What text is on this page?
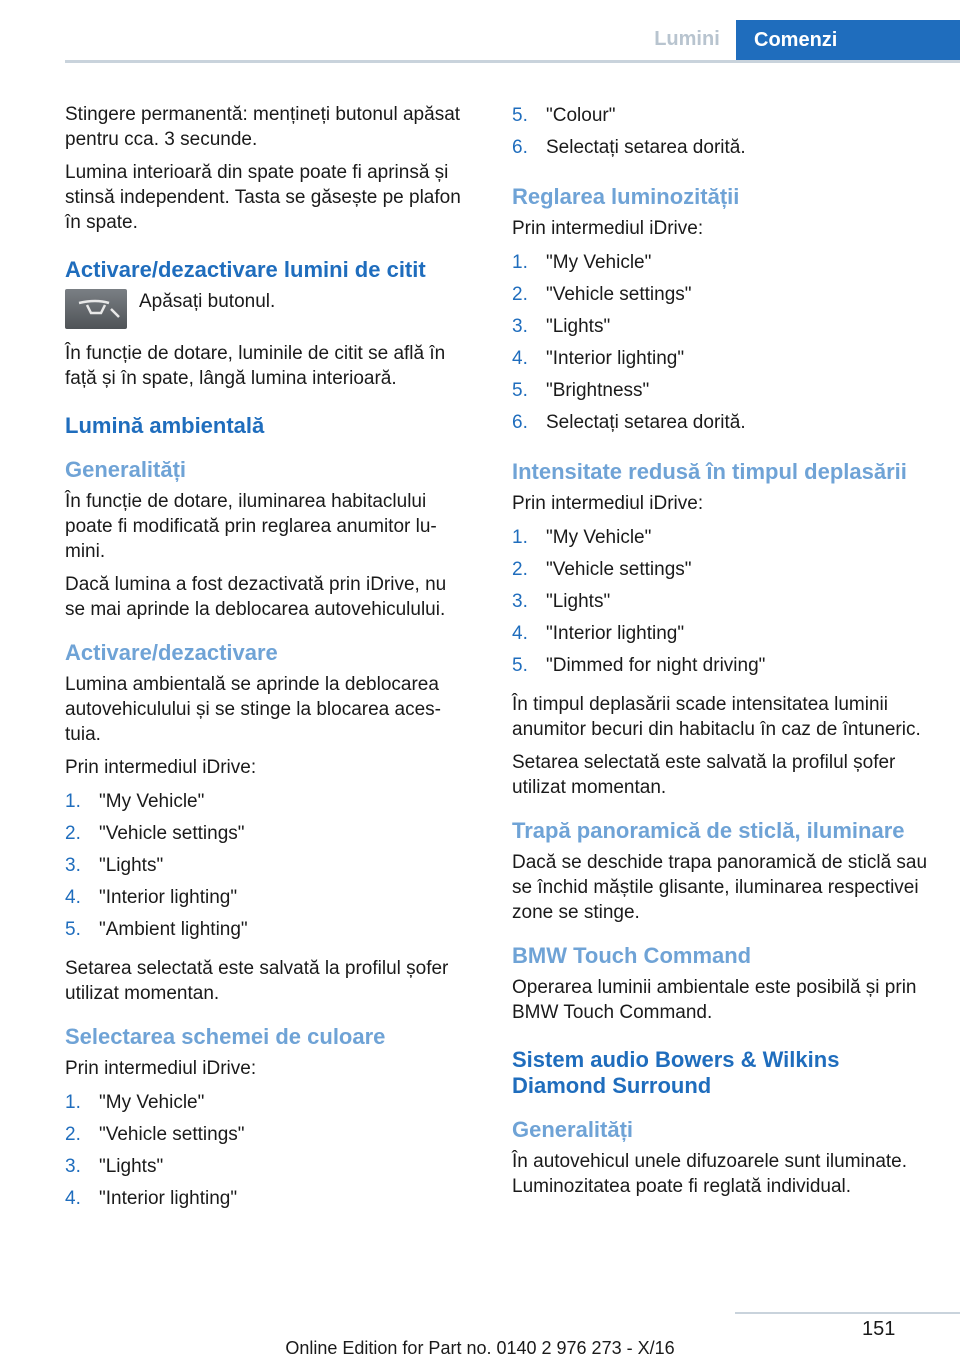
Lumini	Comenzi

Stingere permanentă: mențineți butonul apăsat pentru cca. 3 secunde.

Lumina interioară din spate poate fi aprinsă și stinsă independent. Tasta se găsește pe plafon în spate.

Activare/dezactivare lumini de citit
Apăsați butonul.

În funcție de dotare, luminile de citit se află în față și în spate, lângă lumina interioară.

Lumină ambientală
Generalități

În funcție de dotare, iluminarea habitaclului poate fi modificată prin reglarea anumitor lumini.

Dacă lumina a fost dezactivată prin iDrive, nu se mai aprinde la deblocarea autovehiculului.

Activare/dezactivare

Lumina ambientală se aprinde la deblocarea autovehiculului și se stinge la blocarea acestuia.

Prin intermediul iDrive:

1. "My Vehicle"
2. "Vehicle settings"
3. "Lights"
4. "Interior lighting"
5. "Ambient lighting"

Setarea selectată este salvată la profilul șofer utilizat momentan.

Selectarea schemei de culoare

Prin intermediul iDrive:

1. "My Vehicle"
2. "Vehicle settings"
3. "Lights"
4. "Interior lighting"
5. "Colour"
6. Selectați setarea dorită.
Reglarea luminozității

Prin intermediul iDrive:

1. "My Vehicle"
2. "Vehicle settings"
3. "Lights"
4. "Interior lighting"
5. "Brightness"
6. Selectați setarea dorită.
Intensitate redusă în timpul deplasării

Prin intermediul iDrive:

1. "My Vehicle"
2. "Vehicle settings"
3. "Lights"
4. "Interior lighting"
5. "Dimmed for night driving"

În timpul deplasării scade intensitatea luminii anumitor becuri din habitaclu în caz de întuneric.

Setarea selectată este salvată la profilul șofer utilizat momentan.

Trapă panoramică de sticlă, iluminare

Dacă se deschide trapa panoramică de sticlă sau se închid măștile glisante, iluminarea respectivei zone se stinge.

BMW Touch Command

Operarea luminii ambientale este posibilă și prin BMW Touch Command.

Sistem audio Bowers & Wilkins Diamond Surround
Generalități

În autovehicul unele difuzoarele sunt iluminate. Luminozitatea poate fi reglată individual.

151
Online Edition for Part no. 0140 2 976 273 - X/16
